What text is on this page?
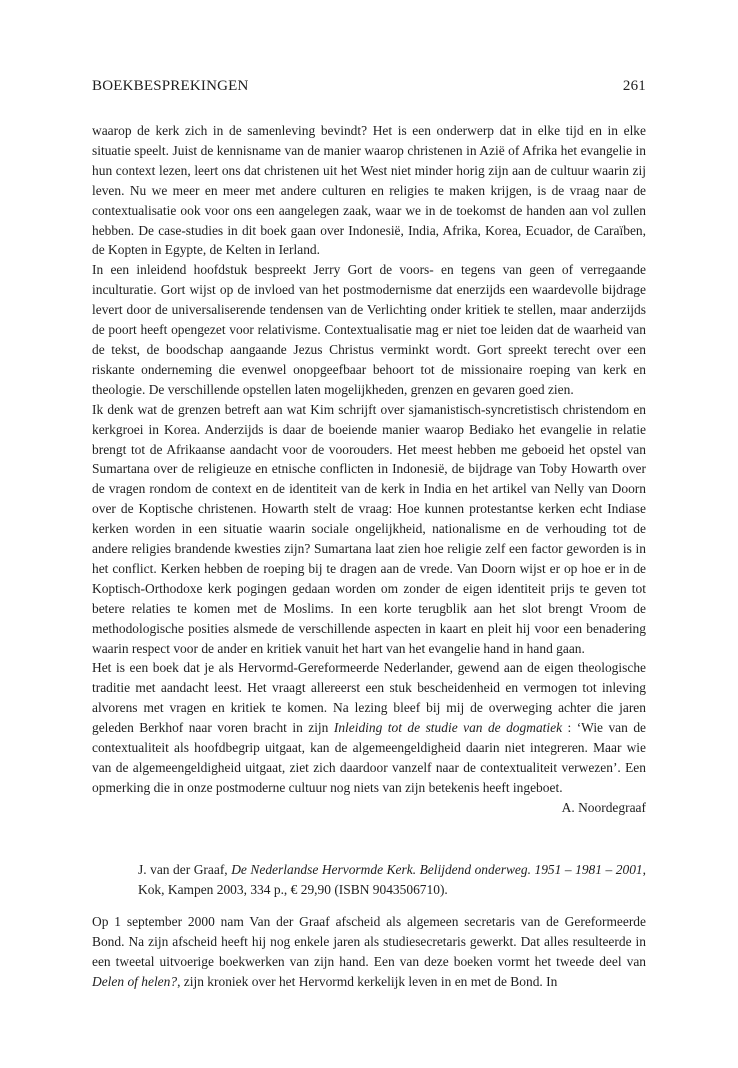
BOEKBESPREKINGEN	261

waarop de kerk zich in de samenleving bevindt? Het is een onderwerp dat in elke tijd en in elke situatie speelt. Juist de kennisname van de manier waarop christenen in Azië of Afrika het evangelie in hun context lezen, leert ons dat christenen uit het West niet minder horig zijn aan de cultuur waarin zij leven. Nu we meer en meer met andere culturen en religies te maken krijgen, is de vraag naar de contextualisatie ook voor ons een aangelegen zaak, waar we in de toekomst de handen aan vol zullen hebben. De case-studies in dit boek gaan over Indonesië, India, Afrika, Korea, Ecuador, de Caraïben, de Kopten in Egypte, de Kelten in Ierland.

In een inleidend hoofdstuk bespreekt Jerry Gort de voors- en tegens van geen of verregaande inculturatie. Gort wijst op de invloed van het postmodernisme dat enerzijds een waardevolle bijdrage levert door de universaliserende tendensen van de Verlichting onder kritiek te stellen, maar anderzijds de poort heeft opengezet voor relativisme. Contextualisatie mag er niet toe leiden dat de waarheid van de tekst, de boodschap aangaande Jezus Christus verminkt wordt. Gort spreekt terecht over een riskante onderneming die evenwel onopgeefbaar behoort tot de missionaire roeping van kerk en theologie. De verschillende opstellen laten mogelijkheden, grenzen en gevaren goed zien.

Ik denk wat de grenzen betreft aan wat Kim schrijft over sjamanistisch-syncretistisch christendom en kerkgroei in Korea. Anderzijds is daar de boeiende manier waarop Bediako het evangelie in relatie brengt tot de Afrikaanse aandacht voor de voorouders. Het meest hebben me geboeid het opstel van Sumartana over de religieuze en etnische conflicten in Indonesië, de bijdrage van Toby Howarth over de vragen rondom de context en de identiteit van de kerk in India en het artikel van Nelly van Doorn over de Koptische christenen. Howarth stelt de vraag: Hoe kunnen protestantse kerken echt Indiase kerken worden in een situatie waarin sociale ongelijkheid, nationalisme en de verhouding tot de andere religies brandende kwesties zijn? Sumartana laat zien hoe religie zelf een factor geworden is in het conflict. Kerken hebben de roeping bij te dragen aan de vrede. Van Doorn wijst er op hoe er in de Koptisch-Orthodoxe kerk pogingen gedaan worden om zonder de eigen identiteit prijs te geven tot betere relaties te komen met de Moslims. In een korte terugblik aan het slot brengt Vroom de methodologische posities alsmede de verschillende aspecten in kaart en pleit hij voor een benadering waarin respect voor de ander en kritiek vanuit het hart van het evangelie hand in hand gaan.

Het is een boek dat je als Hervormd-Gereformeerde Nederlander, gewend aan de eigen theologische traditie met aandacht leest. Het vraagt allereerst een stuk bescheidenheid en vermogen tot inleving alvorens met vragen en kritiek te komen. Na lezing bleef bij mij de overweging achter die jaren geleden Berkhof naar voren bracht in zijn Inleiding tot de studie van de dogmatiek : ‘Wie van de contextualiteit als hoofdbegrip uitgaat, kan de algemeengeldigheid daarin niet integreren. Maar wie van de algemeengeldigheid uitgaat, ziet zich daardoor vanzelf naar de contextualiteit verwezen’. Een opmerking die in onze postmoderne cultuur nog niets van zijn betekenis heeft ingeboet.

A. Noordegraaf

J. van der Graaf, De Nederlandse Hervormde Kerk. Belijdend onderweg. 1951 – 1981 – 2001, Kok, Kampen 2003, 334 p., € 29,90 (ISBN 9043506710).

Op 1 september 2000 nam Van der Graaf afscheid als algemeen secretaris van de Gereformeerde Bond. Na zijn afscheid heeft hij nog enkele jaren als studiesecretaris gewerkt. Dat alles resulteerde in een tweetal uitvoerige boekwerken van zijn hand. Een van deze boeken vormt het tweede deel van Delen of helen?, zijn kroniek over het Hervormd kerkelijk leven in en met de Bond. In
